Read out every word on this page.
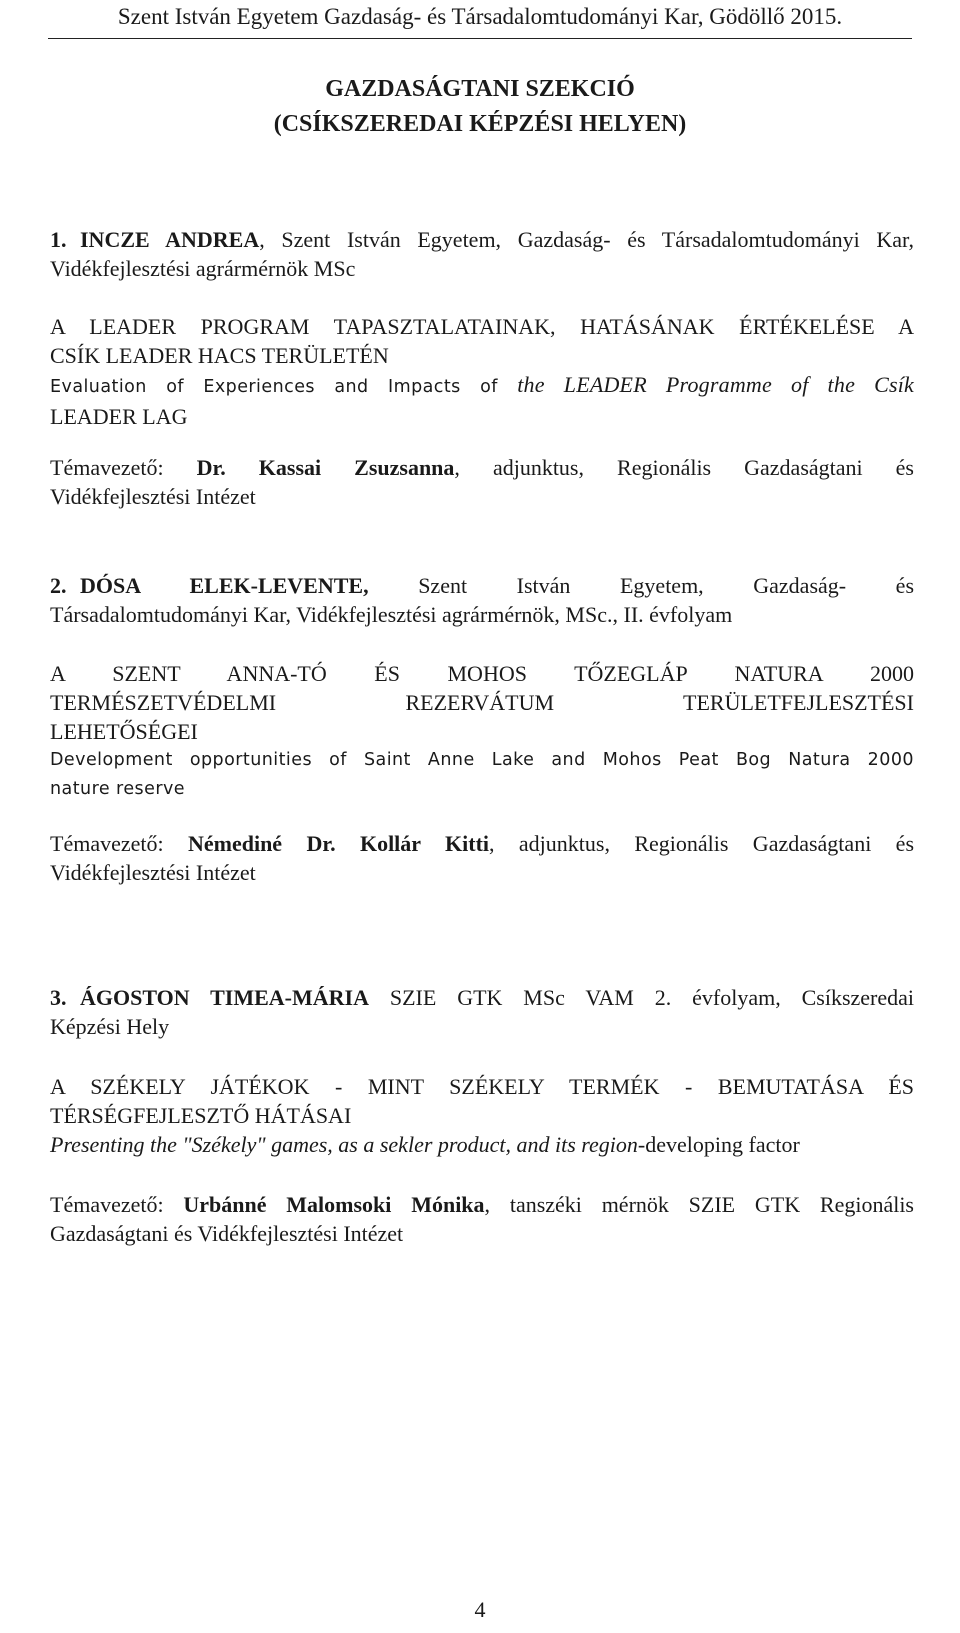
Szent István Egyetem Gazdaság- és Társadalomtudományi Kar, Gödöllő 2015.
GAZDASÁGTANI SZEKCIÓ
(CSÍKSZEREDAI KÉPZÉSI HELYEN)
1. INCZE ANDREA, Szent István Egyetem, Gazdaság- és Társadalomtudományi Kar,
Vidékfejlesztési agrármérnök MSc
A LEADER PROGRAM TAPASZTALATAINAK, HATÁSÁNAK ÉRTÉKELÉSE A
CSÍK LEADER HACS TERÜLETÉN
Evaluation of Experiences and Impacts of the LEADER Programme of the Csík
LEADER LAG
Témavezető: Dr. Kassai Zsuzsanna, adjunktus, Regionális Gazdaságtani és
Vidékfejlesztési Intézet
2. DÓSA ELEK-LEVENTE, Szent István Egyetem, Gazdaság- és
Társadalomtudományi Kar, Vidékfejlesztési agrármérnök, MSc., II. évfolyam
A SZENT ANNA-TÓ ÉS MOHOS TŐZEGLÁP NATURA 2000
TERMÉSZETVÉDELMI REZERVÁTUM TERÜLETFEJLESZTÉSI
LEHETŐSÉGEI
Development opportunities of Saint Anne Lake and Mohos Peat Bog Natura 2000
nature reserve
Témavezető: Némediné Dr. Kollár Kitti, adjunktus, Regionális Gazdaságtani és
Vidékfejlesztési Intézet
3. ÁGOSTON TIMEA-MÁRIA SZIE GTK MSc VAM 2. évfolyam, Csíkszeredai
Képzési Hely
A SZÉKELY JÁTÉKOK - MINT SZÉKELY TERMÉK - BEMUTATÁSA ÉS
TÉRSÉGFEJLESZTŐ HÁTÁSAI
Presenting the "Székely" games, as a sekler product, and its region-developing factor
Témavezető: Urbánné Malomsoki Mónika, tanszéki mérnök SZIE GTK Regionális
Gazdaságtani és Vidékfejlesztési Intézet
4
